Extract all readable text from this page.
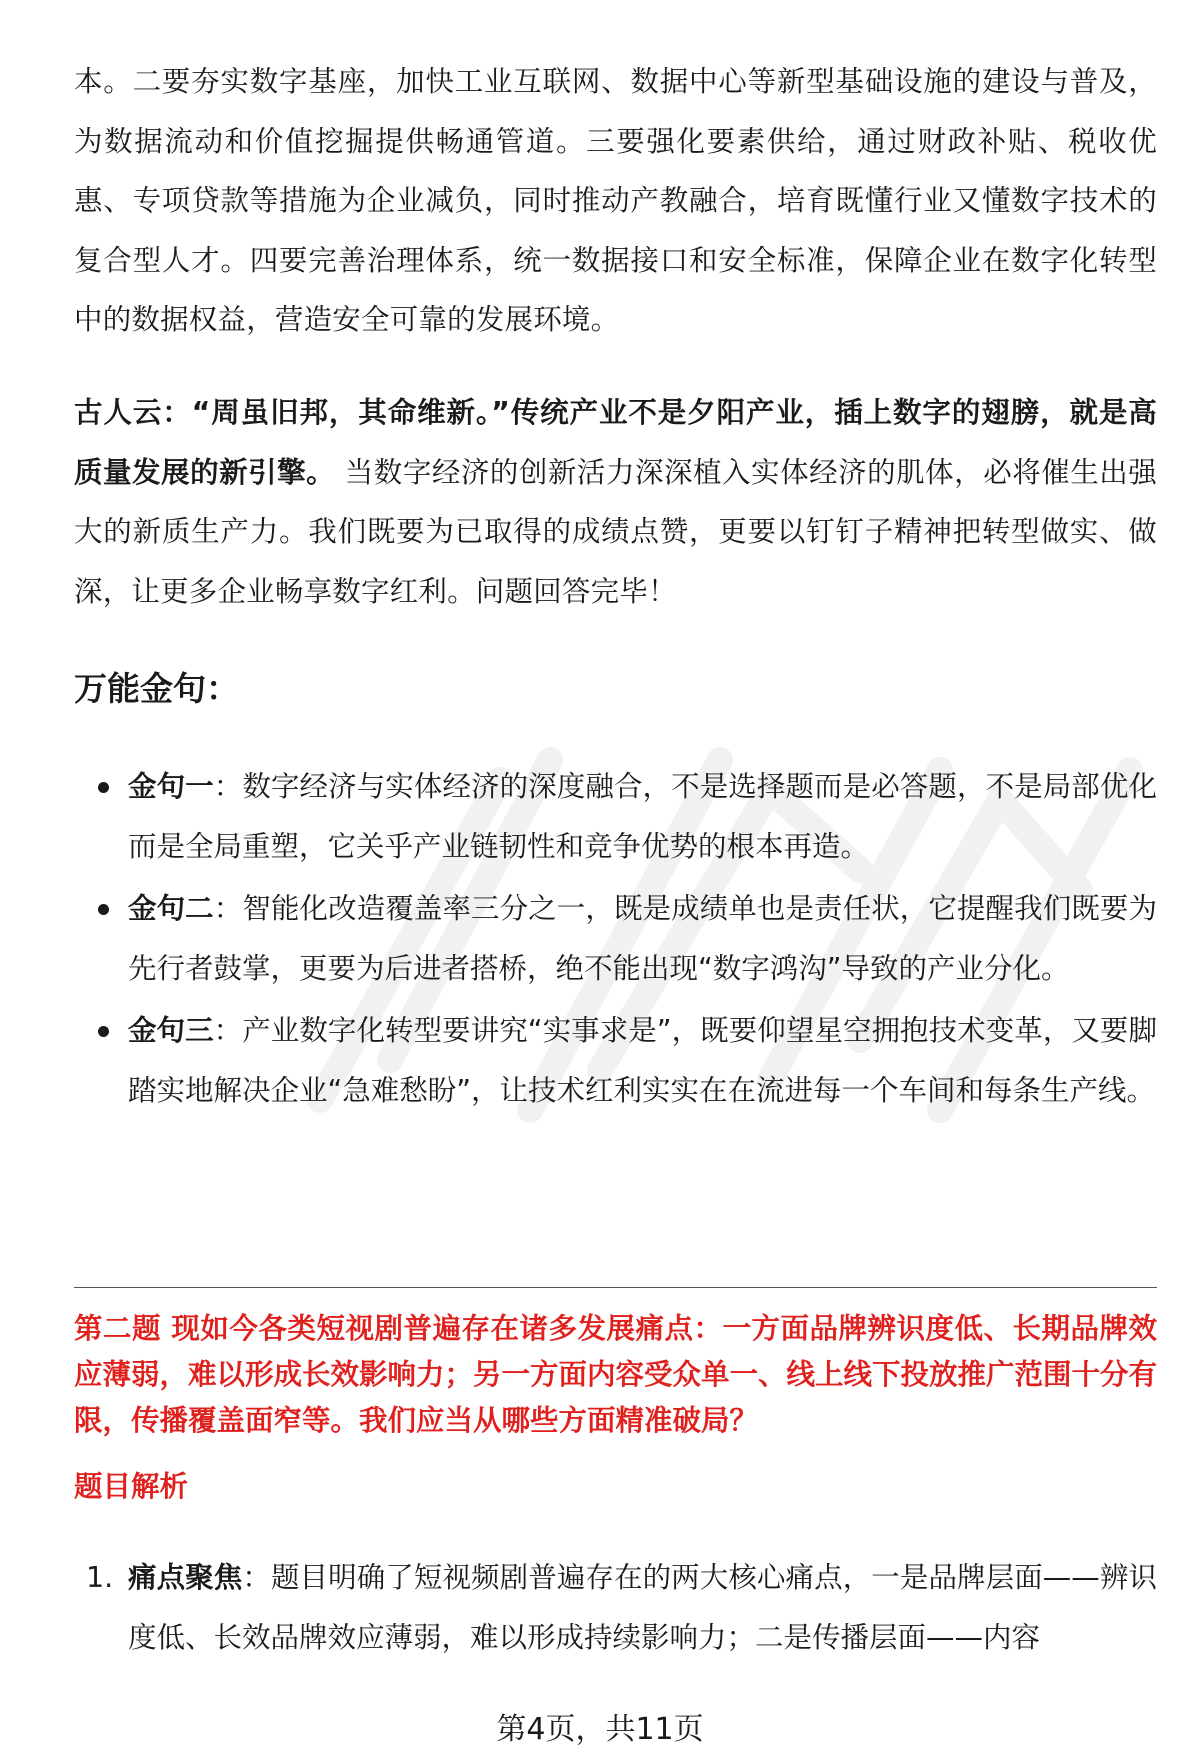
本。二要夯实数字基座，加快工业互联网、数据中心等新型基础设施的建设与普及，为数据流动和价值挖掘提供畅通管道。三要强化要素供给，通过财政补贴、税收优惠、专项贷款等措施为企业减负，同时推动产教融合，培育既懂行业又懂数字技术的复合型人才。四要完善治理体系，统一数据接口和安全标准，保障企业在数字化转型中的数据权益，营造安全可靠的发展环境。

古人云：“周虽旧邦，其命维新。”传统产业不是夕阳产业，插上数字的翅膀，就是高质量发展的新引擎。 当数字经济的创新活力深深植入实体经济的肌体，必将催生出强大的新质生产力。我们既要为已取得的成绩点赞，更要以钉钉子精神把转型做实、做深，让更多企业畅享数字红利。问题回答完毕！

万能金句：
金句一：数字经济与实体经济的深度融合，不是选择题而是必答题，不是局部优化而是全局重塑，它关乎产业链韧性和竞争优势的根本再造。
金句二：智能化改造覆盖率三分之一，既是成绩单也是责任状，它提醒我们既要为先行者鼓掌，更要为后进者搭桥，绝不能出现“数字鸿沟”导致的产业分化。
金句三：产业数字化转型要讲究“实事求是”，既要仰望星空拥抱技术变革，又要脚踏实地解决企业“急难愁盼”，让技术红利实实在在流进每一个车间和每条生产线。

第二题 现如今各类短视剧普遍存在诸多发展痛点：一方面品牌辨识度低、长期品牌效应薄弱，难以形成长效影响力；另一方面内容受众单一、线上线下投放推广范围十分有限，传播覆盖面窄等。我们应当从哪些方面精准破局？

题目解析

1. 痛点聚焦：题目明确了短视频剧普遍存在的两大核心痛点，一是品牌层面——辨识度低、长效品牌效应薄弱，难以形成持续影响力；二是传播层面——内容

第4页，共11页
